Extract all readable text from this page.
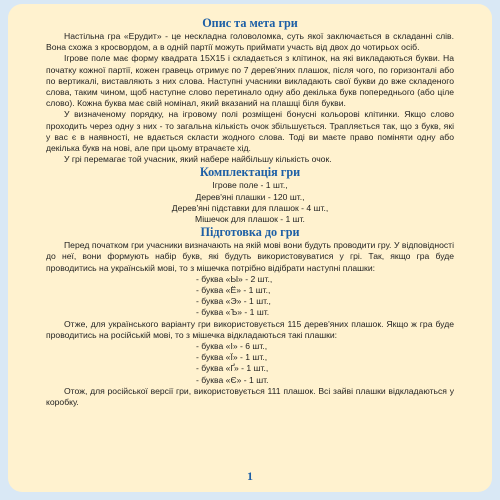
Опис та мета гри

Настільна гра «Ерудит» - це нескладна головоломка, суть якої заключається в складанні слів. Вона схожа з кросвордом, а в одній партії можуть приймати участь від двох до чотирьох осіб.

Ігрове поле має форму квадрата 15Х15 і складається з клітинок, на які викладаються букви. На початку кожної партії, кожен гравець отримує по 7 дерев'яних плашок, після чого, по горизонталі або по вертикалі, виставляють з них слова. Наступні учасники викладають свої букви до вже складеного слова, таким чином, щоб наступне слово перетинало одну або декілька букв попереднього (або ціле слово). Кожна буква має свій номінал, який вказаний на плашці біля букви.

У визначеному порядку, на ігровому полі розміщені бонусні кольорові клітинки. Якщо слово проходить через одну з них - то загальна кількість очок збільшується. Трапляється так, що з букв, які у вас є в наявності, не вдається скласти жодного слова. Тоді ви маєте право поміняти одну або декілька букв на нові, але при цьому втрачаєте хід.

У грі перемагає той учасник, який набере найбільшу кількість очок.

Комплектація гри

Ігрове поле - 1 шт.,

Дерев'яні плашки - 120 шт.,

Дерев'яні підставки для плашок - 4 шт.,

Мішечок для плашок - 1 шт.

Підготовка до гри

Перед початком гри учасники визначають на якій мові вони будуть проводити гру. У відповідності до неї, вони формують набір букв, які будуть використовуватися у грі. Так, якщо гра буде проводитись на українській мові, то з мішечка потрібно відібрати наступні плашки:

- буква «Ы» - 2 шт.,

- буква «Ё» - 1 шт.,

- буква «Э» - 1 шт.,

- буква «Ъ» - 1 шт.

Отже, для українського варіанту гри використовується 115 дерев'яних плашок. Якщо ж гра буде проводитись на російській мові, то з мішечка відкладаються такі плашки:

- буква «І» - 6 шт.,

- буква «Ї» - 1 шт.,

- буква «Ґ» - 1 шт.,

- буква «Є» - 1 шт.

Отож, для російської версії гри, використовується 111 плашок. Всі зайві плашки відкладаються у коробку.

1
